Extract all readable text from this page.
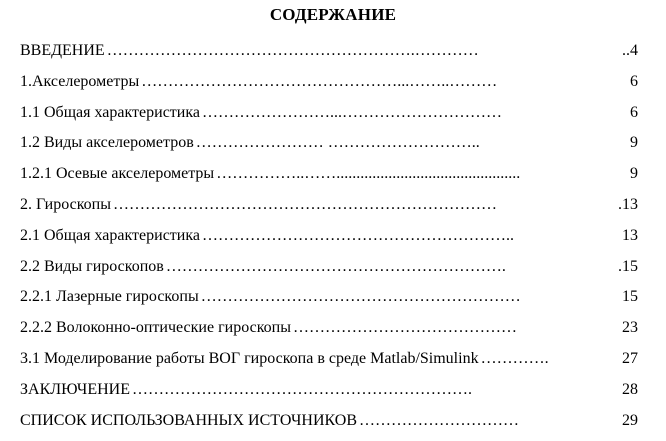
СОДЕРЖАНИЕ
ВВЕДЕНИЕ ………………………………………………….…………	..4
1.Акселерометры …………………………………………...……..………	6
1.1 Общая характеристика ……………………...…………………………	6
1.2 Виды акселерометров …………………… ………………………..	9
1.2.1 Осевые акселерометры ……………..……..............................................	9
2. Гироскопы ………………………………………………………………	.13
2.1 Общая характеристика …………………………………………………..	13
2.2 Виды гироскопов ……………………………………………………….	.15
2.2.1 Лазерные гироскопы ……………………………………………………	15
2.2.2 Волоконно-оптические гироскопы ……………………………………	23
3.1 Моделирование работы ВОГ гироскопа в среде Matlab/Simulink ………….	27
ЗАКЛЮЧЕНИЕ ……………………………………………………….	28
СПИСОК ИСПОЛЬЗОВАННЫХ ИСТОЧНИКОВ …………………………	29
